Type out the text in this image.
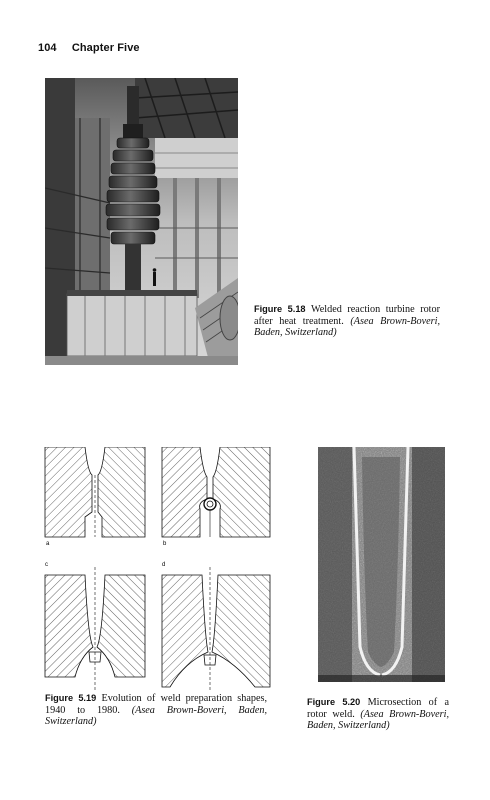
104 Chapter Five
Figure 5.18 Welded reaction turbine rotor after heat treatment. (Asea Brown-Boveri, Baden, Switzerland)
a	b
c	d
Figure 5.19 Evolution of weld preparation shapes, 1940 to 1980. (Asea Brown-Boveri, Baden, Switzerland)
Figure 5.20 Microsection of a rotor weld. (Asea Brown-Boveri, Baden, Switzerland)
